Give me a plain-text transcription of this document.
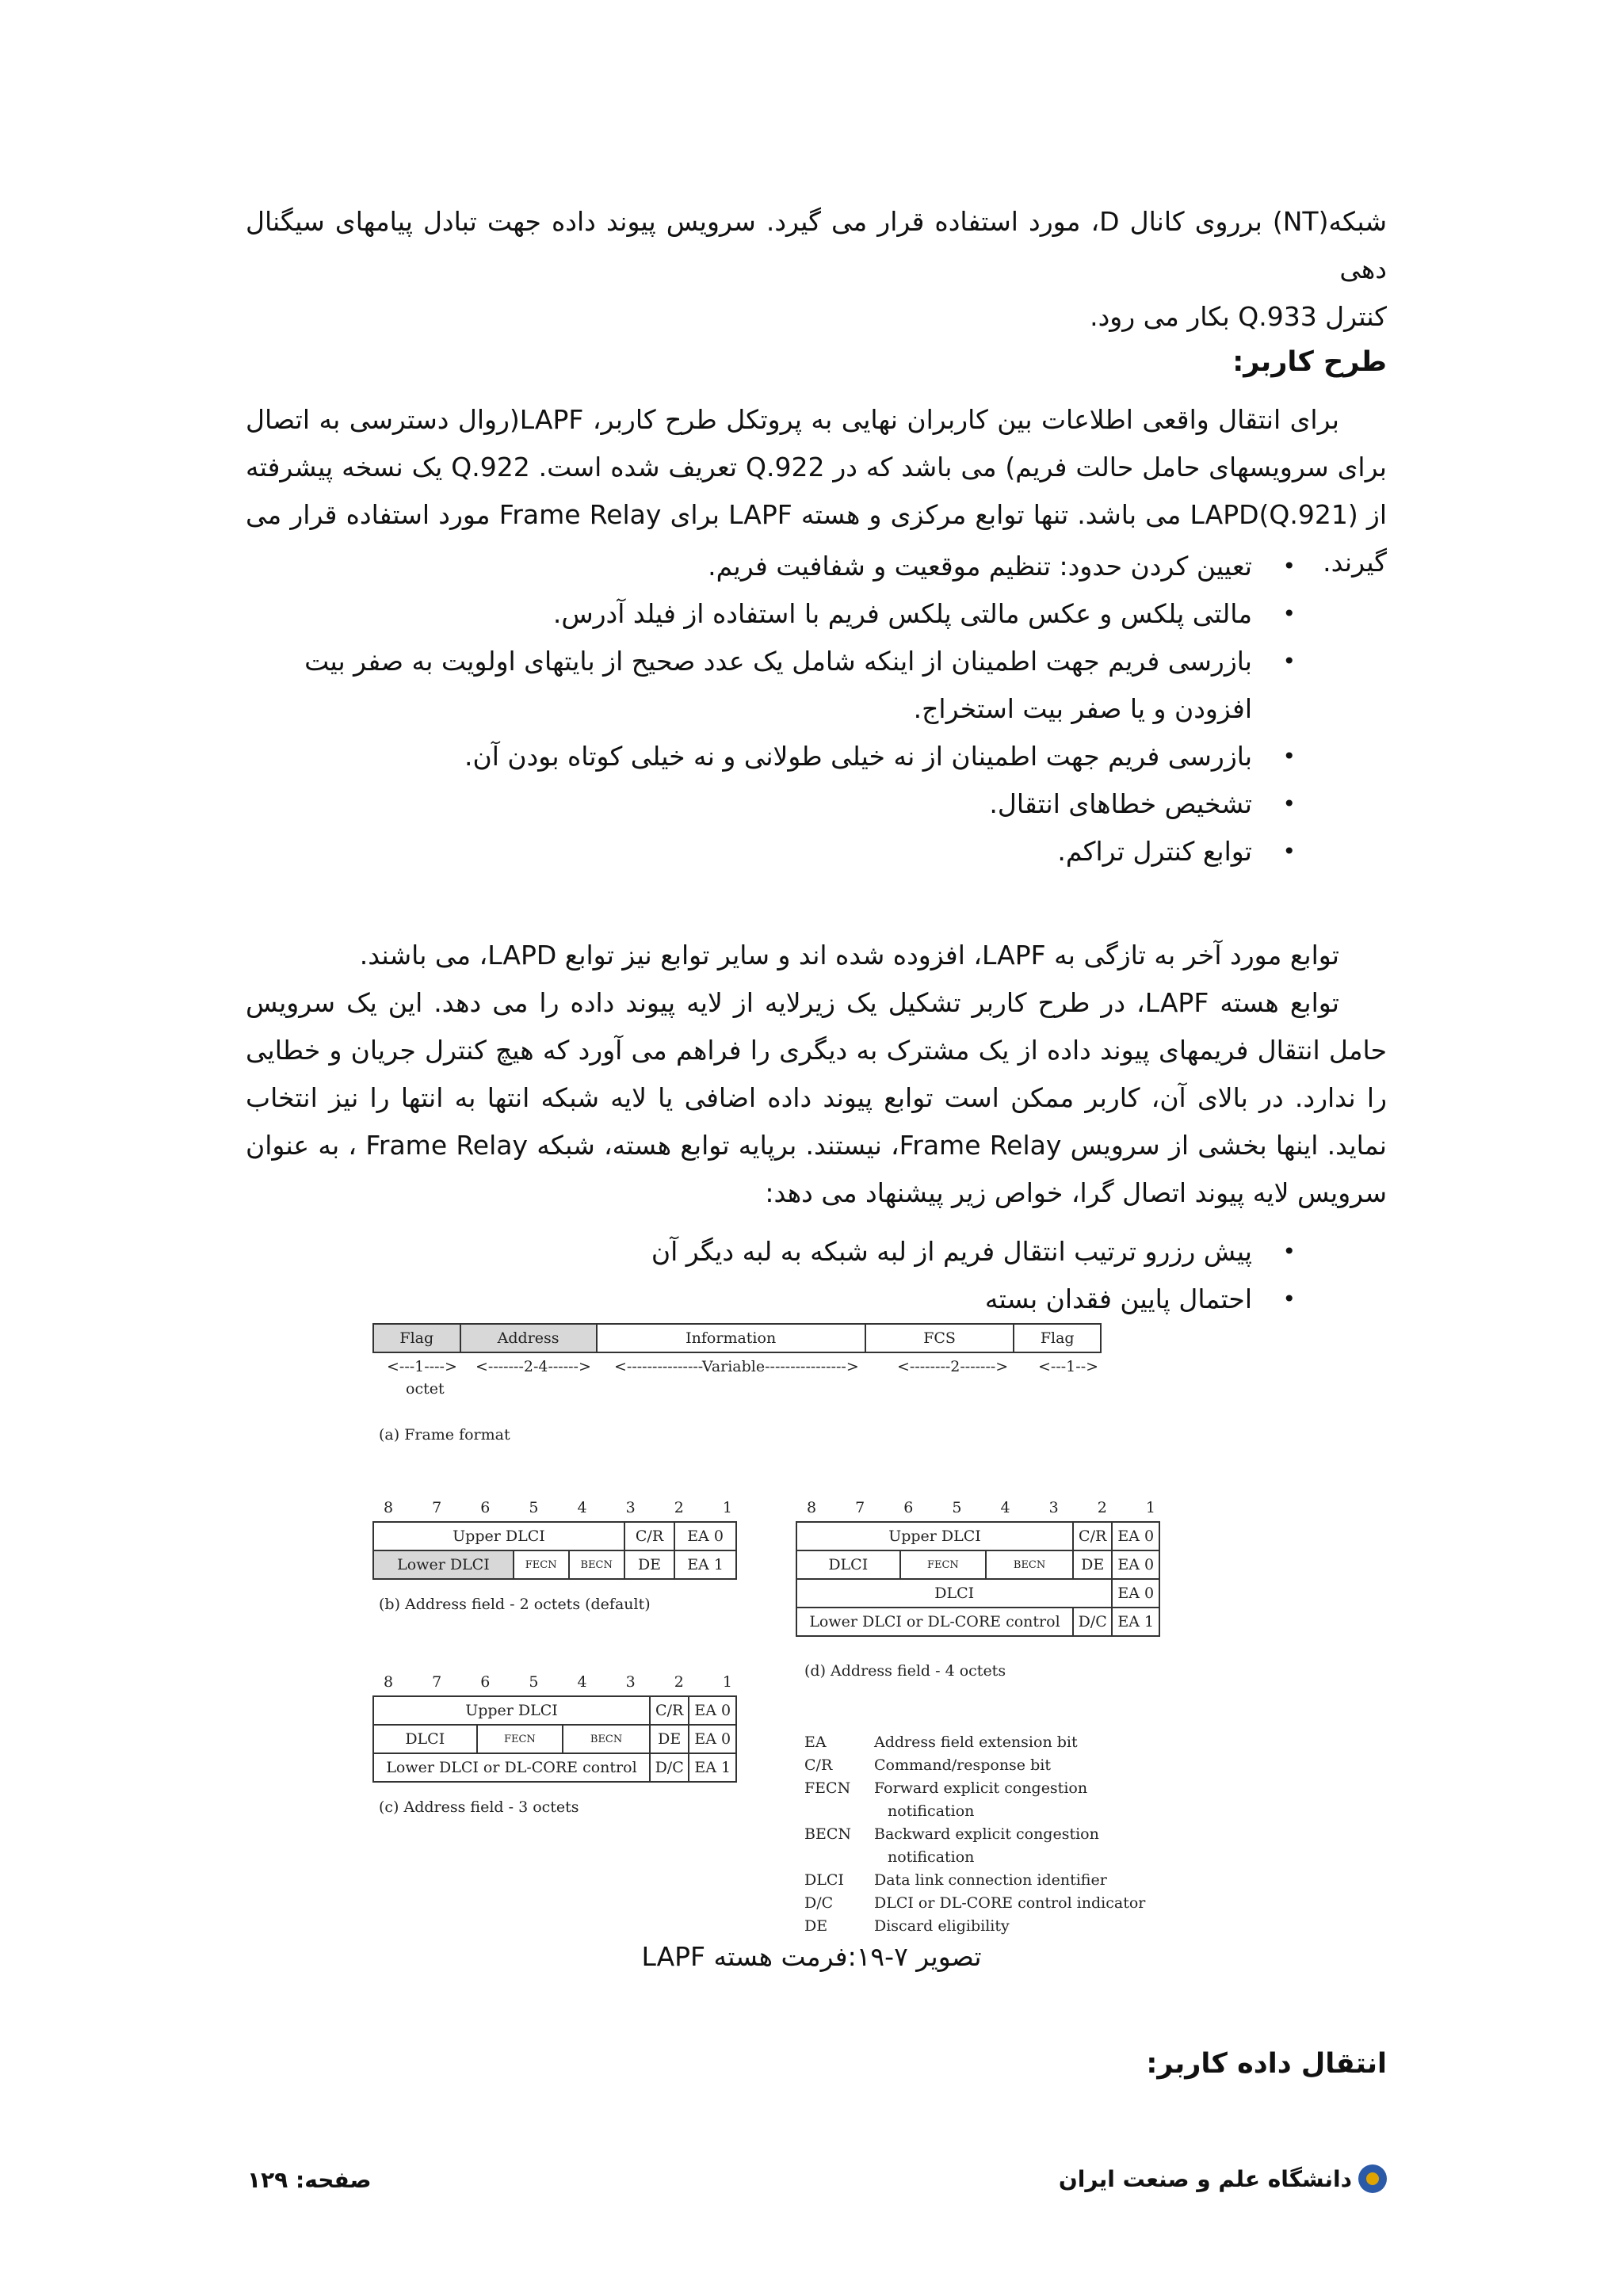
شبکه(NT) برروی کانال D، مورد استفاده قرار می گیرد. سرویس پیوند داده جهت تبادل پیامهای سیگنال دهی

کنترل Q.933 بکار می رود.

طرح کاربر:

برای انتقال واقعی اطلاعات بین کاربران نهایی به پروتکل طرح کاربر، LAPF(روال دسترسی به اتصال برای سرویسهای حامل حالت فریم) می باشد که در Q.922 تعریف شده است. Q.922 یک نسخه پیشرفته از LAPD(Q.921) می باشد. تنها توابع مرکزی و هسته LAPF برای Frame Relay مورد استفاده قرار می گیرند.

• تعیین کردن حدود: تنظیم موقعیت و شفافیت فریم.
• مالتی پلکس و عکس مالتی پلکس فریم با استفاده از فیلد آدرس.
• بازرسی فریم جهت اطمینان از اینکه شامل یک عدد صحیح از بایتهای اولویت به صفر بیت افزودن و یا صفر بیت استخراج.
• بازرسی فریم جهت اطمینان از نه خیلی طولانی و نه خیلی کوتاه بودن آن.
• تشخیص خطاهای انتقال.
• توابع کنترل تراکم.

توابع مورد آخر به تازگی به LAPF، افزوده شده اند و سایر توابع نیز توابع LAPD، می باشند.

توابع هسته LAPF، در طرح کاربر تشکیل یک زیرلایه از لایه پیوند داده را می دهد. این یک سرویس حامل انتقال فریمهای پیوند داده از یک مشترک به دیگری را فراهم می آورد که هیچ کنترل جریان و خطایی را ندارد. در بالای آن، کاربر ممکن است توابع پیوند داده اضافی یا لایه شبکه انتها به انتها را نیز انتخاب نماید. اینها بخشی از سرویس Frame Relay، نیستند. برپایه توابع هسته، شبکه Frame Relay ، به عنوان سرویس لایه پیوند اتصال گرا، خواص زیر پیشنهاد می دهد:

• پیش رزرو ترتیب انتقال فریم از لبه شبکه به لبه دیگر آن
• احتمال پایین فقدان بسته
Flag	Address	Information	FCS	Flag
<---1----> <-------2-4------> <---------------Variable---------------->	<--------2-------> <---1-->
octet
(a) Frame format
8	7	6	5	4	3	2	1
Upper DLCI			C/R	EA 0
Lower DLCI	FECN	BECN	DE	EA 1
(b) Address field - 2 octets (default)
8	7	6	5	4	3	2	1
Upper DLCI			C/R	EA 0
DLCI	FECN	BECN	DE	EA 0
Lower DLCI or DL-CORE control			D/C	EA 1
(c) Address field - 3 octets
8	7	6	5	4	3	2	1
Upper DLCI			C/R	EA 0
DLCI	FECN	BECN	DE	EA 0
DLCI				EA 0
Lower DLCI or DL-CORE control			D/C	EA 1
(d) Address field - 4 octets
EA	Address field extension bit
C/R	Command/response bit
FECN	Forward explicit congestion
notification
BECN	Backward explicit congestion
notification
DLCI	Data link connection identifier
D/C	DLCI or DL-CORE control indicator
DE	Discard eligibility
تصویر ۷-۱۹:فرمت هسته LAPF
انتقال داده کاربر:
صفحه: ۱۲۹	دانشگاه علم و صنعت ایران
